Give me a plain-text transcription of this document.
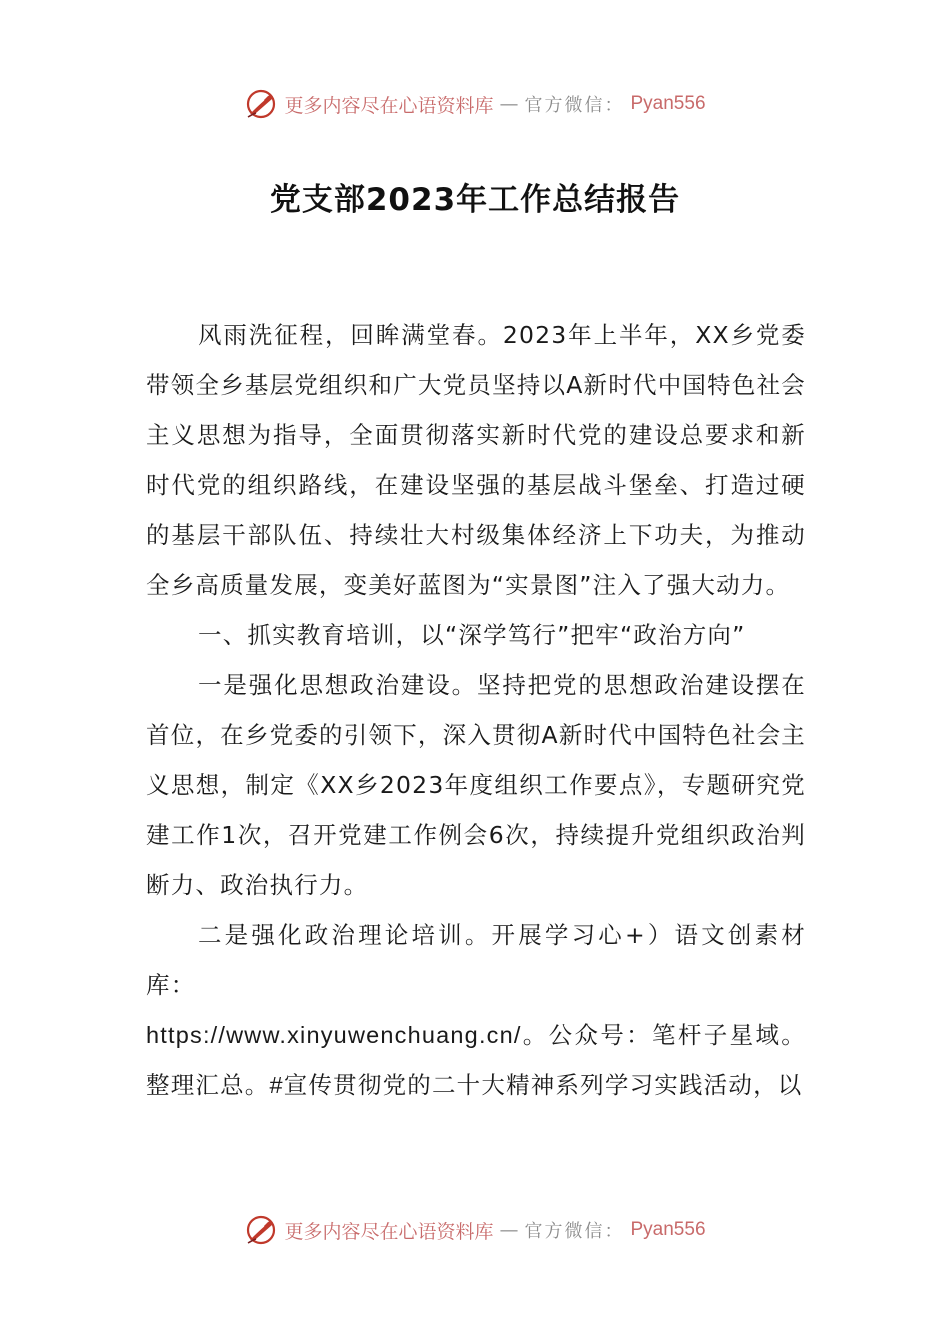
更多内容尽在心语资料库 — 官方微信： Pyan556
党支部2023年工作总结报告

风雨洗征程，回眸满堂春。2023年上半年，XX乡党委带领全乡基层党组织和广大党员坚持以A新时代中国特色社会主义思想为指导，全面贯彻落实新时代党的建设总要求和新时代党的组织路线，在建设坚强的基层战斗堡垒、打造过硬的基层干部队伍、持续壮大村级集体经济上下功夫，为推动全乡高质量发展，变美好蓝图为“实景图”注入了强大动力。

一、抓实教育培训，以“深学笃行”把牢“政治方向”

一是强化思想政治建设。坚持把党的思想政治建设摆在首位，在乡党委的引领下，深入贯彻A新时代中国特色社会主义思想，制定《XX乡2023年度组织工作要点》，专题研究党建工作1次，召开党建工作例会6次，持续提升党组织政治判断力、政治执行力。

二是强化政治理论培训。开展学习心+）语文创素材库：

https://www.xinyuwenchuang.cn/。公众号：笔杆子星域。整理汇总。#宣传贯彻党的二十大精神系列学习实践活动，以

更多内容尽在心语资料库 — 官方微信： Pyan556
